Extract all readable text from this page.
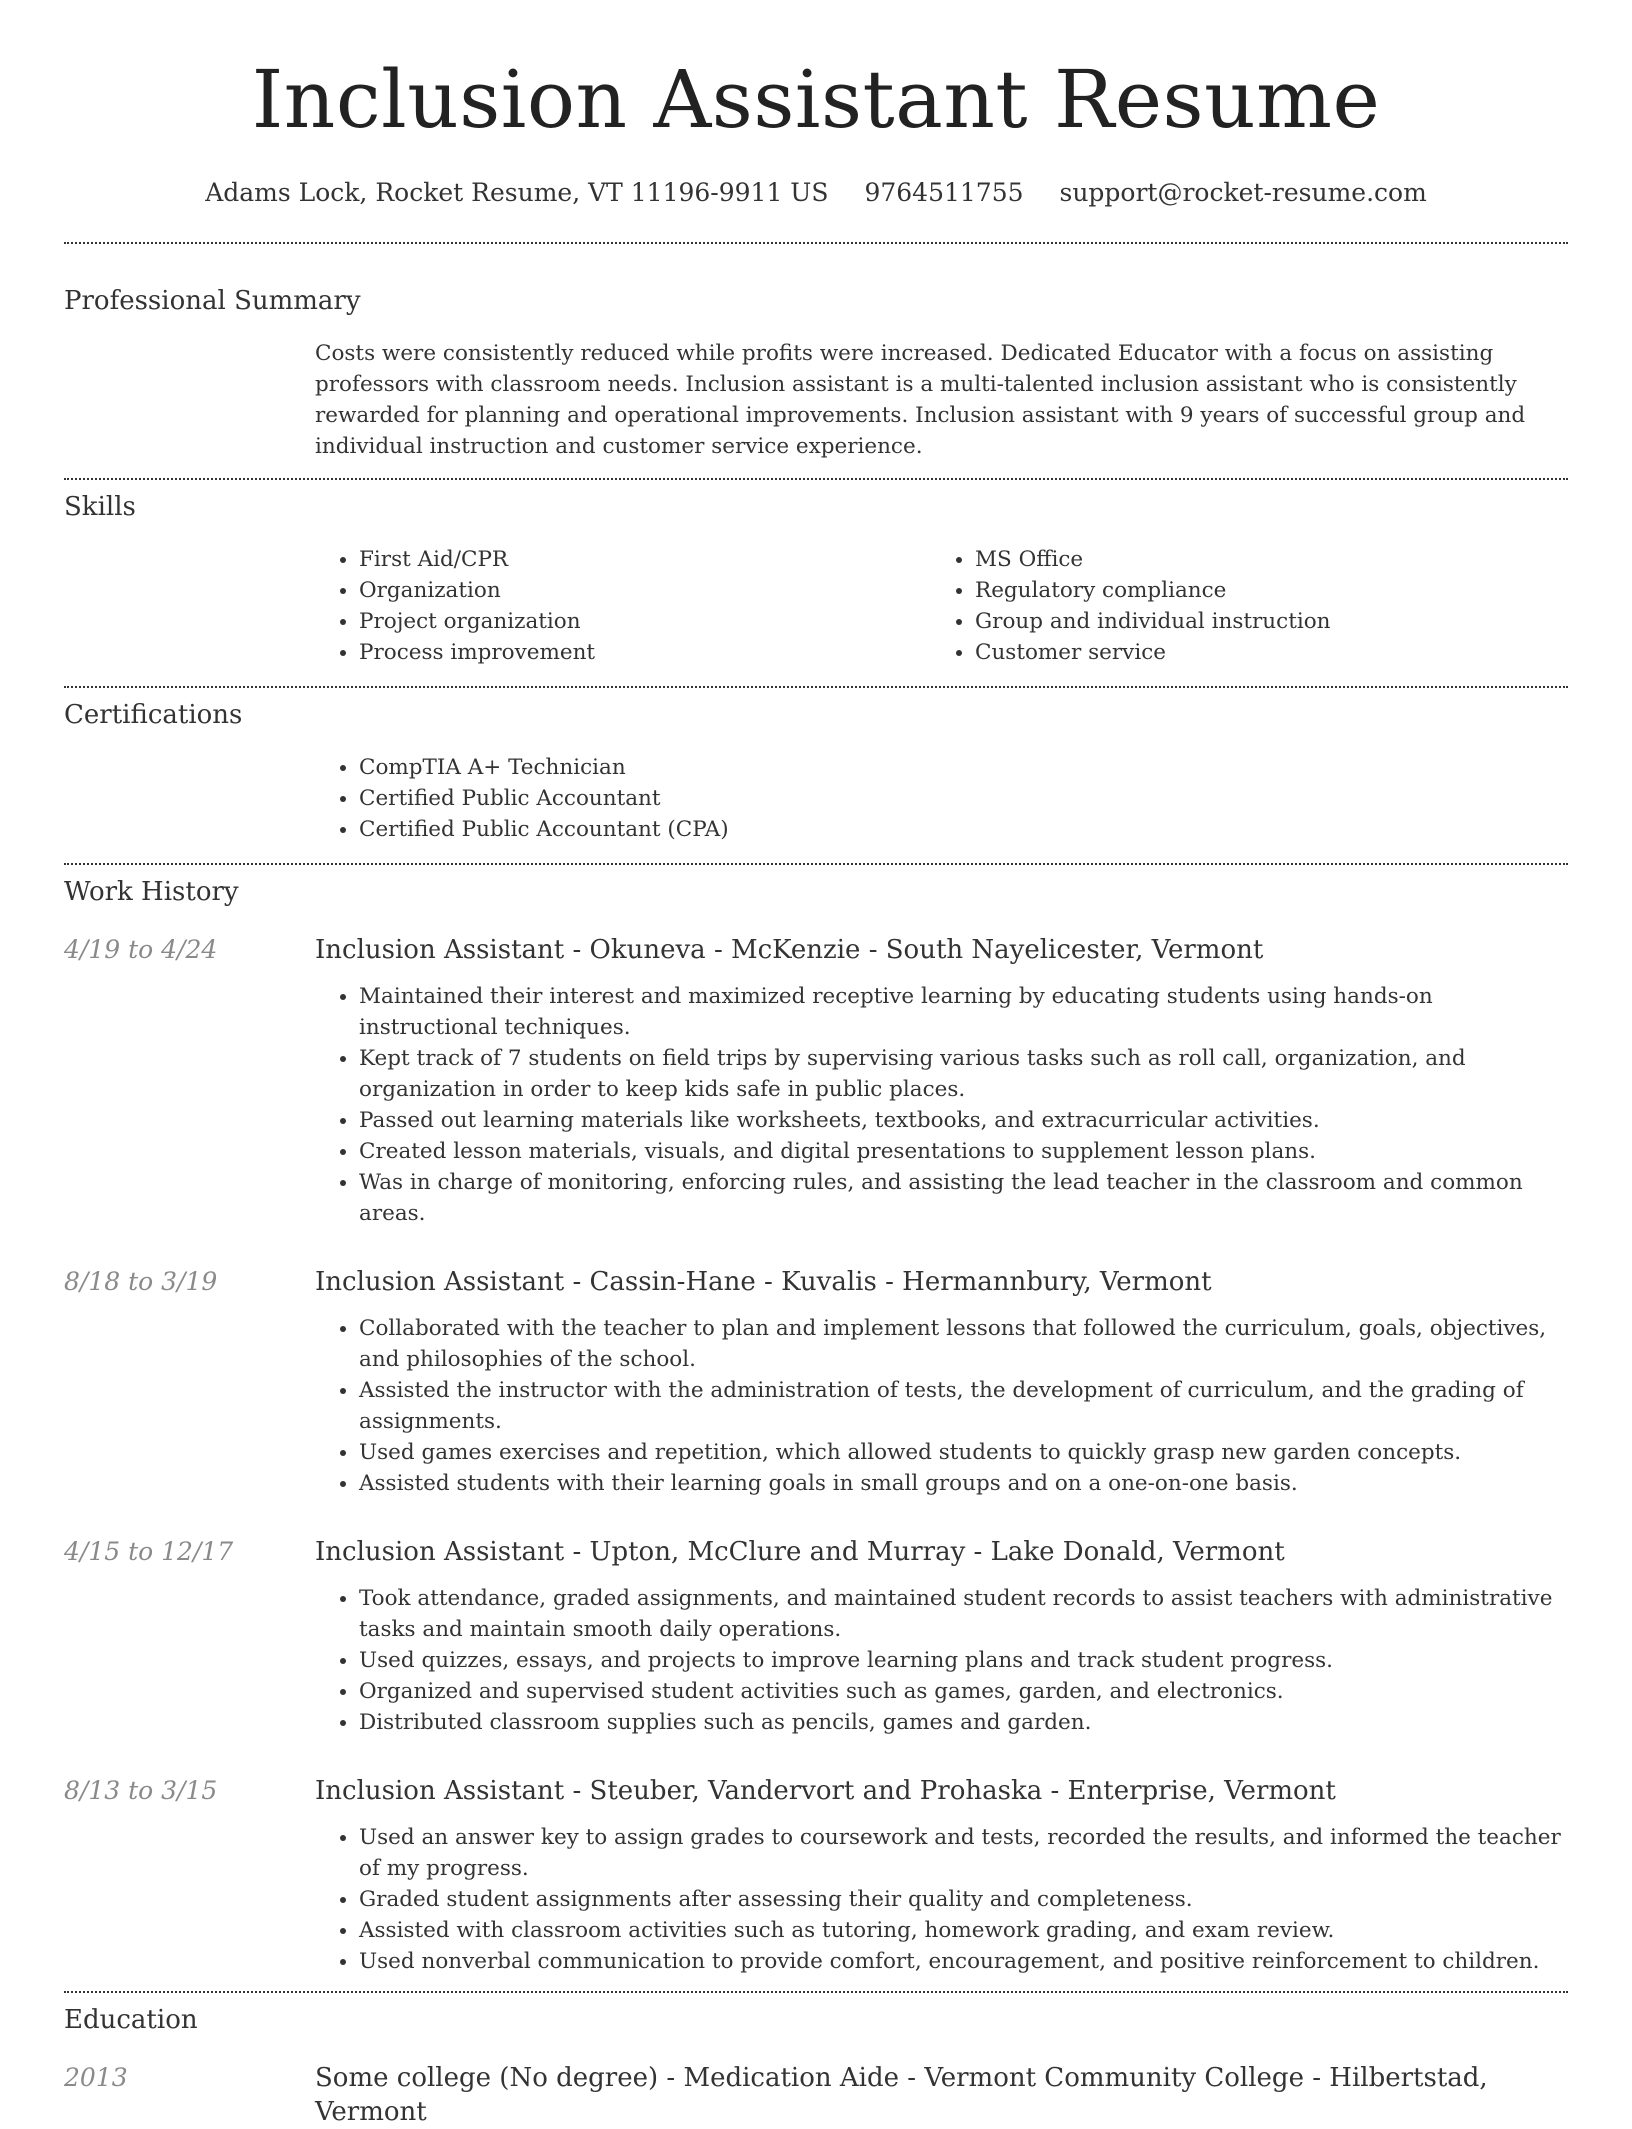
Inclusion Assistant Resume
Adams Lock, Rocket Resume, VT 11196-9911 US 9764511755 support@rocket-resume.com
Professional Summary
Costs were consistently reduced while profits were increased. Dedicated Educator with a focus on assisting professors with classroom needs. Inclusion assistant is a multi-talented inclusion assistant who is consistently rewarded for planning and operational improvements. Inclusion assistant with 9 years of successful group and individual instruction and customer service experience.
Skills
• First Aid/CPR
• Organization
• Project organization
• Process improvement
• MS Office
• Regulatory compliance
• Group and individual instruction
• Customer service
Certifications
• CompTIA A+ Technician
• Certified Public Accountant
• Certified Public Accountant (CPA)
Work History
4/19 to 4/24	Inclusion Assistant - Okuneva - McKenzie - South Nayelicester, Vermont
• Maintained their interest and maximized receptive learning by educating students using hands-on instructional techniques.
• Kept track of 7 students on field trips by supervising various tasks such as roll call, organization, and organization in order to keep kids safe in public places.
• Passed out learning materials like worksheets, textbooks, and extracurricular activities.
• Created lesson materials, visuals, and digital presentations to supplement lesson plans.
• Was in charge of monitoring, enforcing rules, and assisting the lead teacher in the classroom and common areas.
8/18 to 3/19	Inclusion Assistant - Cassin-Hane - Kuvalis - Hermannbury, Vermont
• Collaborated with the teacher to plan and implement lessons that followed the curriculum, goals, objectives, and philosophies of the school.
• Assisted the instructor with the administration of tests, the development of curriculum, and the grading of assignments.
• Used games exercises and repetition, which allowed students to quickly grasp new garden concepts.
• Assisted students with their learning goals in small groups and on a one-on-one basis.
4/15 to 12/17	Inclusion Assistant - Upton, McClure and Murray - Lake Donald, Vermont
• Took attendance, graded assignments, and maintained student records to assist teachers with administrative tasks and maintain smooth daily operations.
• Used quizzes, essays, and projects to improve learning plans and track student progress.
• Organized and supervised student activities such as games, garden, and electronics.
• Distributed classroom supplies such as pencils, games and garden.
8/13 to 3/15	Inclusion Assistant - Steuber, Vandervort and Prohaska - Enterprise, Vermont
• Used an answer key to assign grades to coursework and tests, recorded the results, and informed the teacher of my progress.
• Graded student assignments after assessing their quality and completeness.
• Assisted with classroom activities such as tutoring, homework grading, and exam review.
• Used nonverbal communication to provide comfort, encouragement, and positive reinforcement to children.
Education
2013	Some college (No degree) - Medication Aide - Vermont Community College - Hilbertstad, Vermont
